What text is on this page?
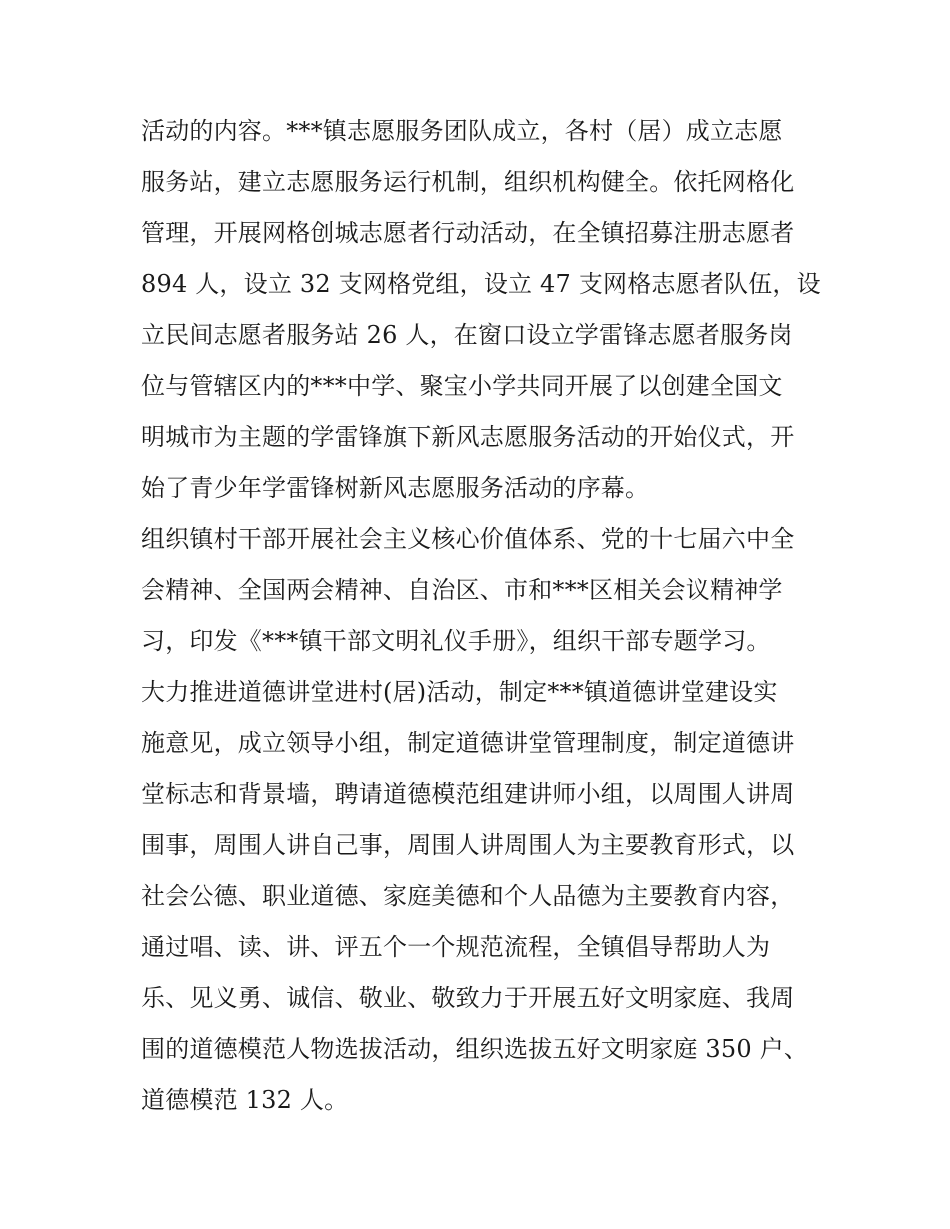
活动的内容。***镇志愿服务团队成立，各村（居）成立志愿
服务站，建立志愿服务运行机制，组织机构健全。依托网格化
管理，开展网格创城志愿者行动活动，在全镇招募注册志愿者
894 人，设立 32 支网格党组，设立 47 支网格志愿者队伍，设
立民间志愿者服务站 26 人，在窗口设立学雷锋志愿者服务岗
位与管辖区内的***中学、聚宝小学共同开展了以创建全国文
明城市为主题的学雷锋旗下新风志愿服务活动的开始仪式，开
始了青少年学雷锋树新风志愿服务活动的序幕。
组织镇村干部开展社会主义核心价值体系、党的十七届六中全
会精神、全国两会精神、自治区、市和***区相关会议精神学
习，印发《***镇干部文明礼仪手册》，组织干部专题学习。
大力推进道德讲堂进村(居)活动，制定***镇道德讲堂建设实
施意见，成立领导小组，制定道德讲堂管理制度，制定道德讲
堂标志和背景墙，聘请道德模范组建讲师小组，以周围人讲周
围事，周围人讲自己事，周围人讲周围人为主要教育形式，以
社会公德、职业道德、家庭美德和个人品德为主要教育内容，
通过唱、读、讲、评五个一个规范流程，全镇倡导帮助人为
乐、见义勇、诚信、敬业、敬致力于开展五好文明家庭、我周
围的道德模范人物选拔活动，组织选拔五好文明家庭 350 户、
道德模范 132 人。
